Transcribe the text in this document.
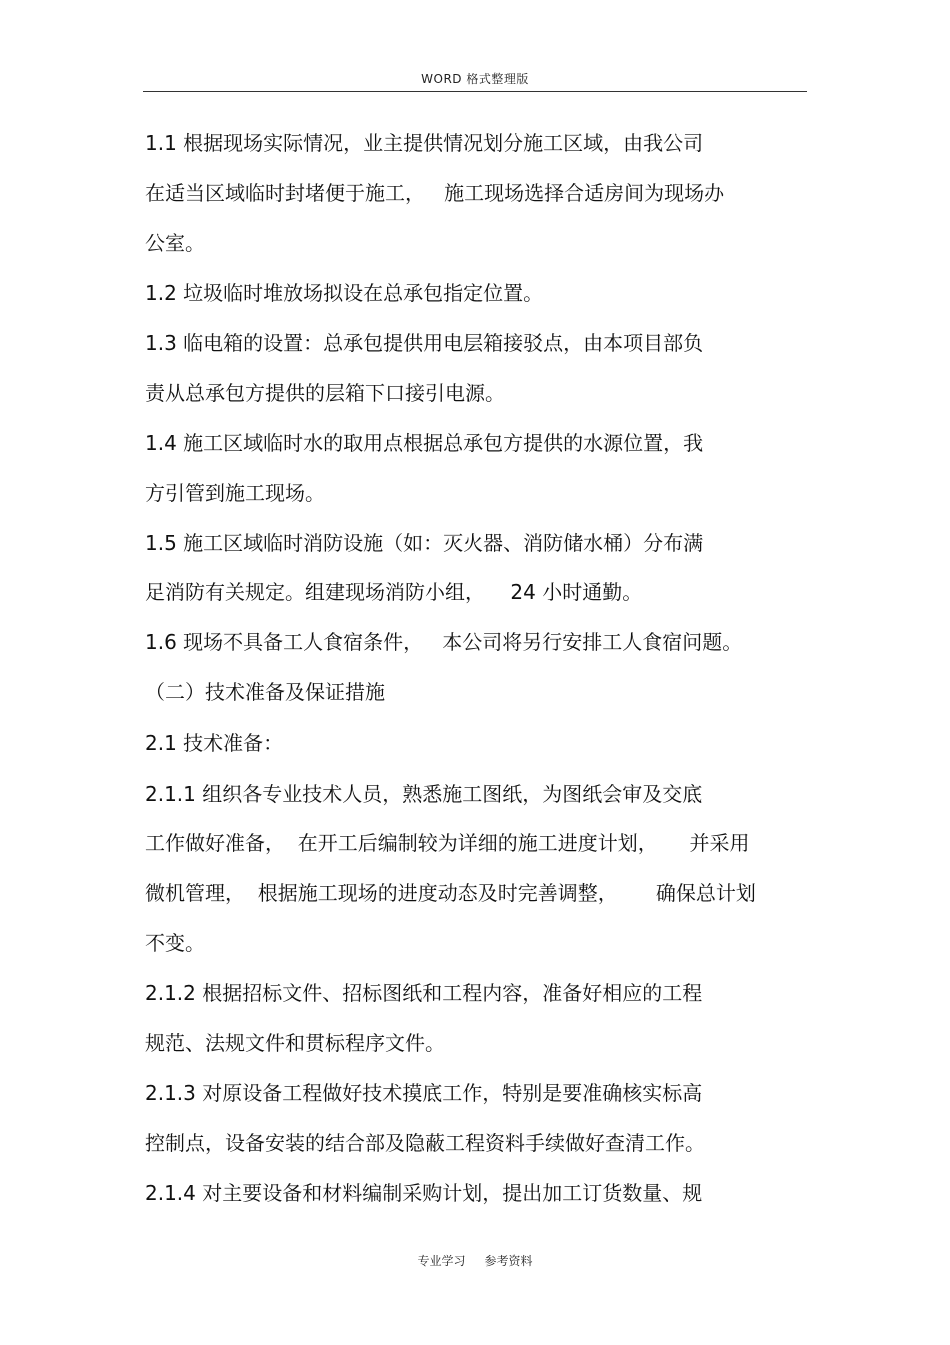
WORD 格式整理版
1.1 根据现场实际情况，业主提供情况划分施工区域，由我公司
在适当区域临时封堵便于施工，   施工现场选择合适房间为现场办
公室。
1.2 垃圾临时堆放场拟设在总承包指定位置。
1.3 临电箱的设置：总承包提供用电层箱接驳点，由本项目部负
责从总承包方提供的层箱下口接引电源。
1.4 施工区域临时水的取用点根据总承包方提供的水源位置，我
方引管到施工现场。
1.5 施工区域临时消防设施（如：灭火器、消防储水桶）分布满
足消防有关规定。组建现场消防小组，    24 小时通勤。
1.6 现场不具备工人食宿条件，   本公司将另行安排工人食宿问题。
（二）技术准备及保证措施
2.1 技术准备：
2.1.1 组织各专业技术人员，熟悉施工图纸，为图纸会审及交底
工作做好准备，  在开工后编制较为详细的施工进度计划，     并采用
微机管理，  根据施工现场的进度动态及时完善调整，      确保总计划
不变。
2.1.2 根据招标文件、招标图纸和工程内容，准备好相应的工程
规范、法规文件和贯标程序文件。
2.1.3 对原设备工程做好技术摸底工作，特别是要准确核实标高
控制点，设备安装的结合部及隐蔽工程资料手续做好查清工作。
2.1.4 对主要设备和材料编制采购计划，提出加工订货数量、规
专业学习     参考资料
